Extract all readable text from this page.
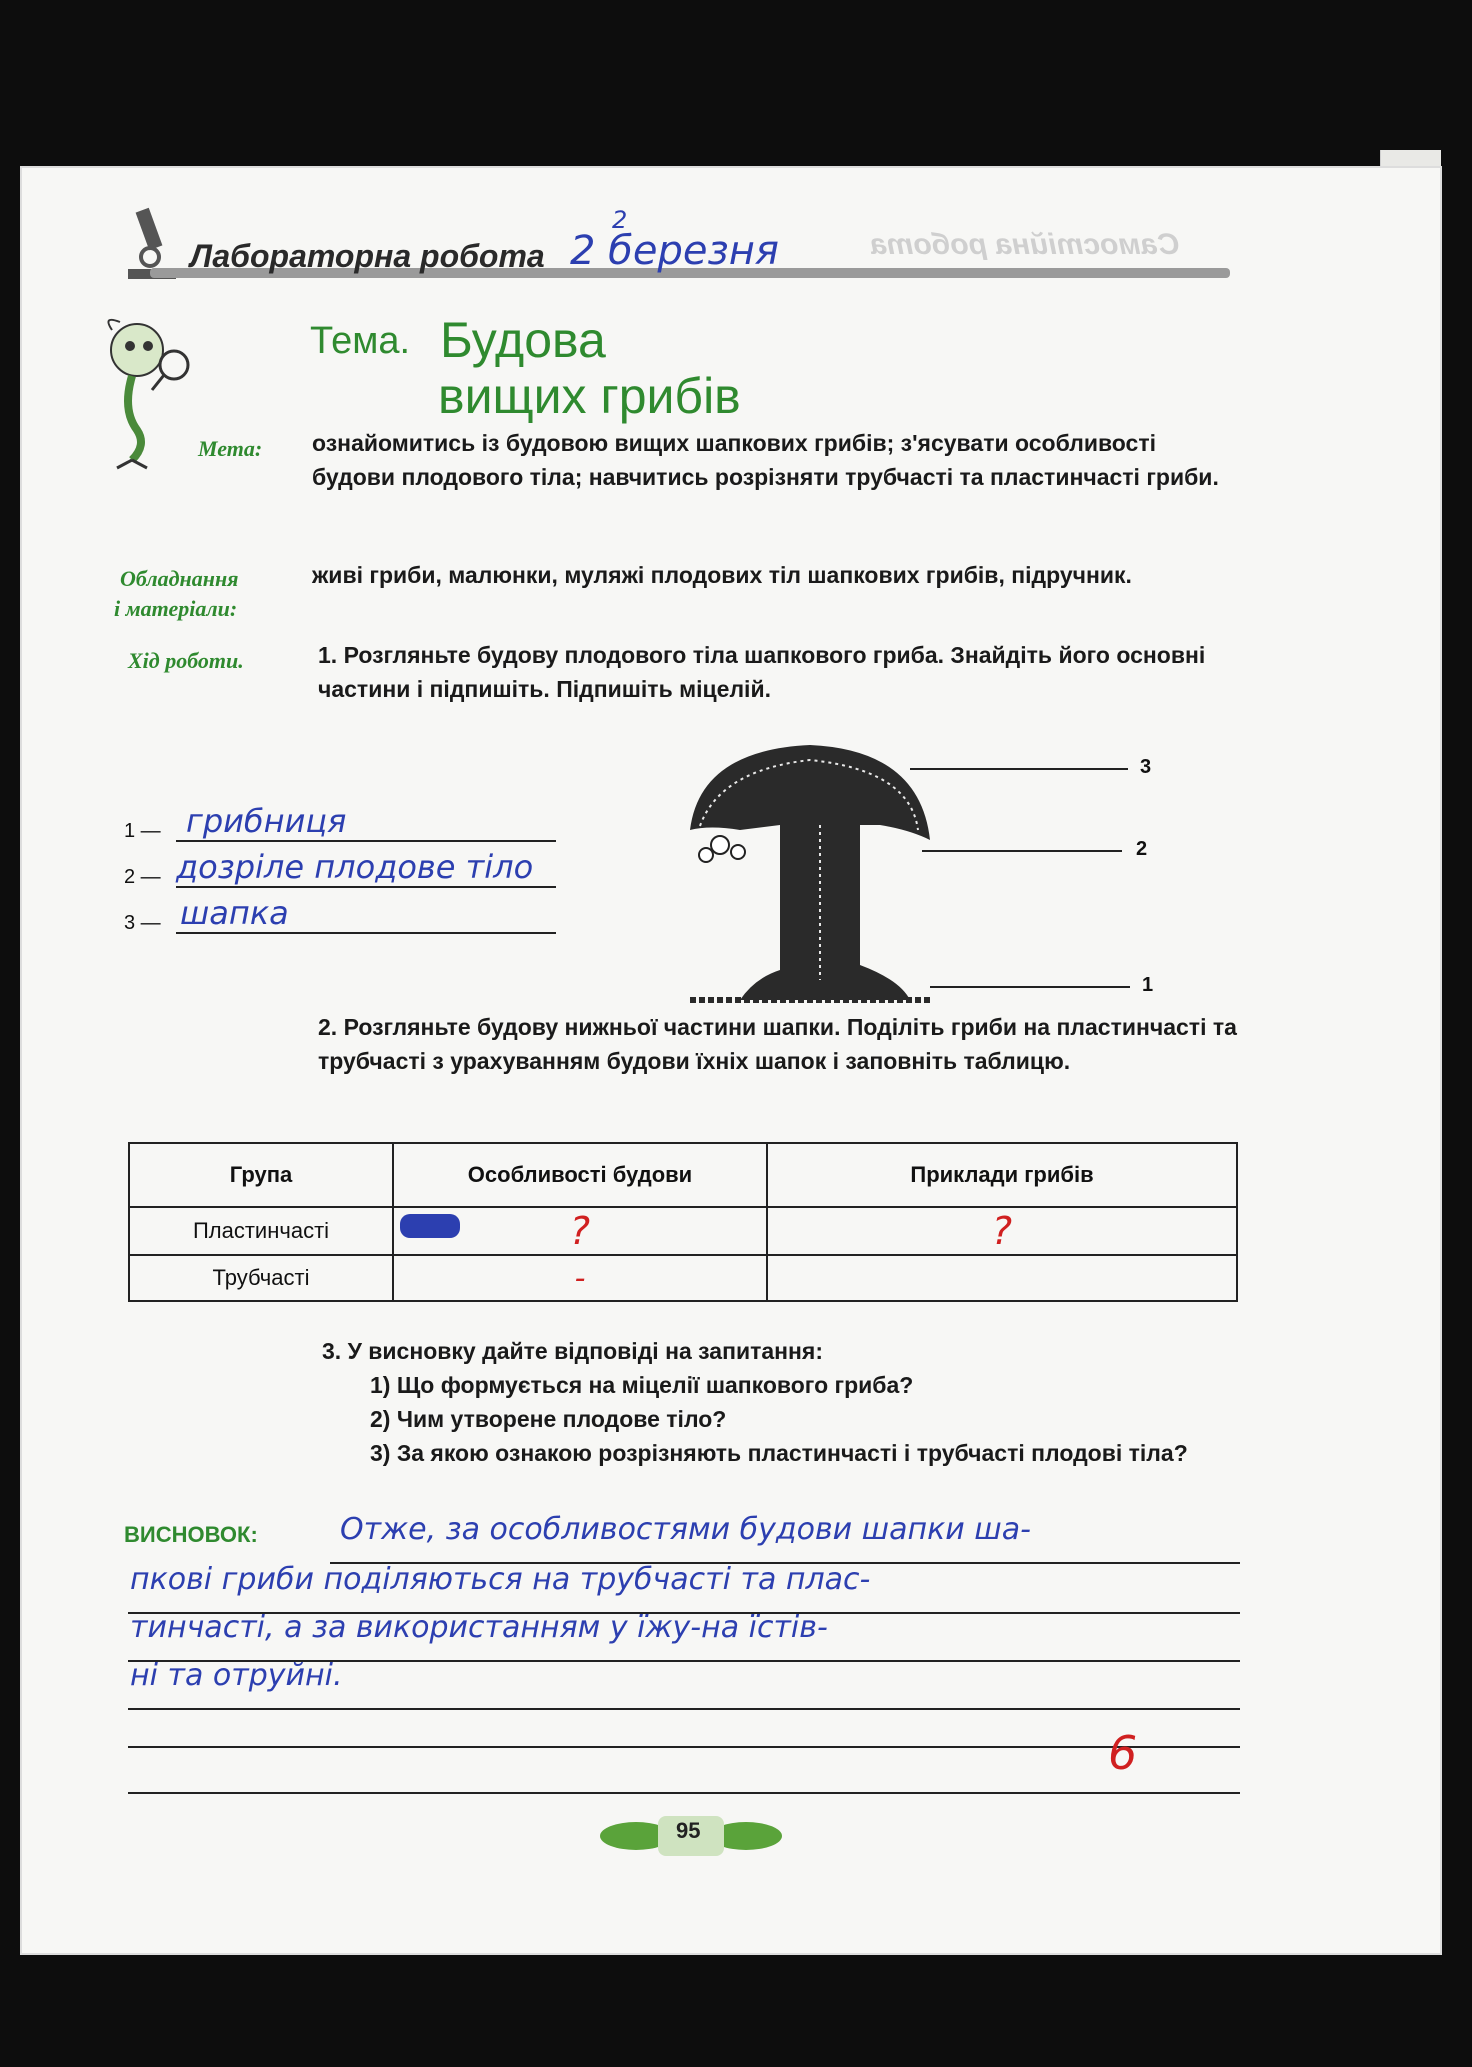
Самостійна робота
Лабораторна робота 2 березня
2
Тема. Будова
вищих грибів
Мета: ознайомитись із будовою вищих шапкових грибів; з'ясувати особливості будови плодового тіла; навчитись розрізняти трубчасті та пластинчасті гриби.
Обладнання
і матеріали:
живі гриби, малюнки, муляжі плодових тіл шапкових грибів, підручник.
Хід роботи.	1. Розгляньте будову плодового тіла шапкового гриба. Знайдіть його основні частини і підпишіть. Підпишіть міцелій.
3
2
1
1 — грибниця
2 — дозріле плодове тіло
3 — шапка
2. Розгляньте будову нижньої частини шапки. Поділіть гриби на пластинчасті та трубчасті з урахуванням будови їхніх шапок і заповніть таблицю.
Група	Особливості будови	Приклади грибів
Пластинчасті	?	?
Трубчасті	-	
3. У висновку дайте відповіді на запитання:
1) Що формується на міцелії шапкового гриба?
2) Чим утворене плодове тіло?
3) За якою ознакою розрізняють пластинчасті і трубчасті плодові тіла?
ВИСНОВОК:	Отже, за особливостями будови шапки ша-
пкові гриби поділяються на трубчасті та плас-
тинчасті, а за використанням у їжу-на їстів-
ні та отруйні.
6
95
